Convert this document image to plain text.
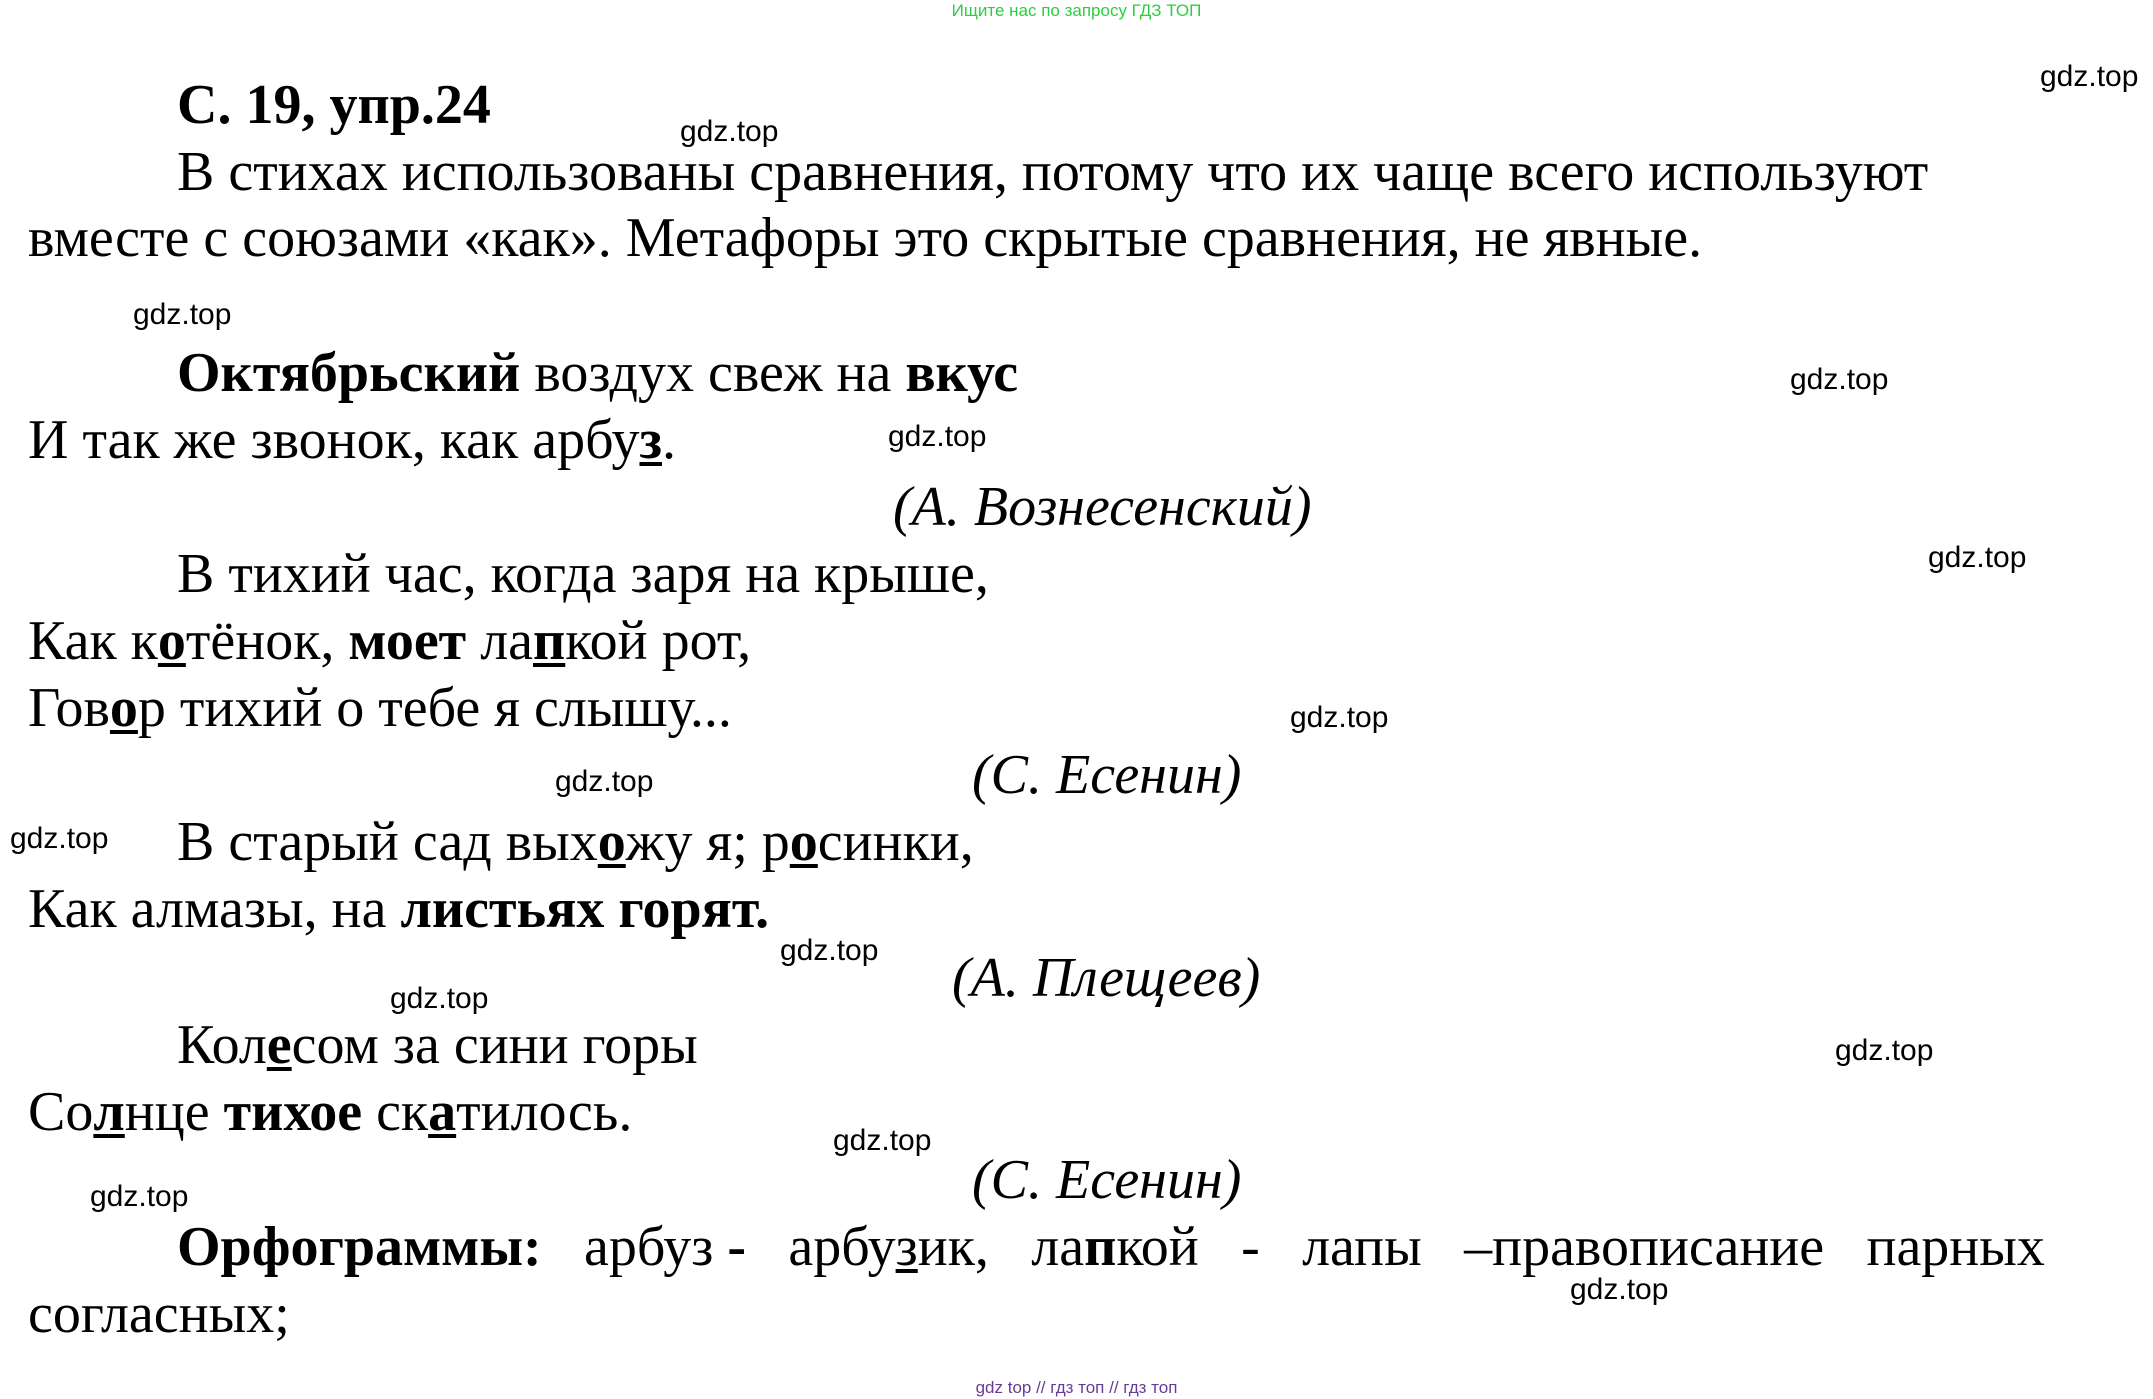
Ищите нас по запросу ГДЗ ТОП
С. 19, упр.24
В стихах использованы сравнения, потому что их чаще всего используют
вместе с союзами «как». Метафоры это скрытые сравнения, не явные.
Октябрьский воздух свеж на вкус
И так же звонок, как арбуз.
(А. Вознесенский)
В тихий час, когда заря на крыше,
Как котёнок, моет лапкой рот,
Говор тихий о тебе я слышу...
(С. Есенин)
В старый сад выхожу я; росинки,
Как алмазы, на листьях горят.
(А. Плещеев)
Колесом за сини горы
Солнце тихое скатилось.
(С. Есенин)
Орфограммы: арбуз - арбузик, лапкой - лапы –правописание парных
согласных;
gdz.top
gdz.top
gdz.top
gdz.top
gdz.top
gdz.top
gdz.top
gdz.top
gdz.top
gdz.top
gdz.top
gdz.top
gdz.top
gdz.top
gdz.top
gdz top // гдз топ // гдз топ
